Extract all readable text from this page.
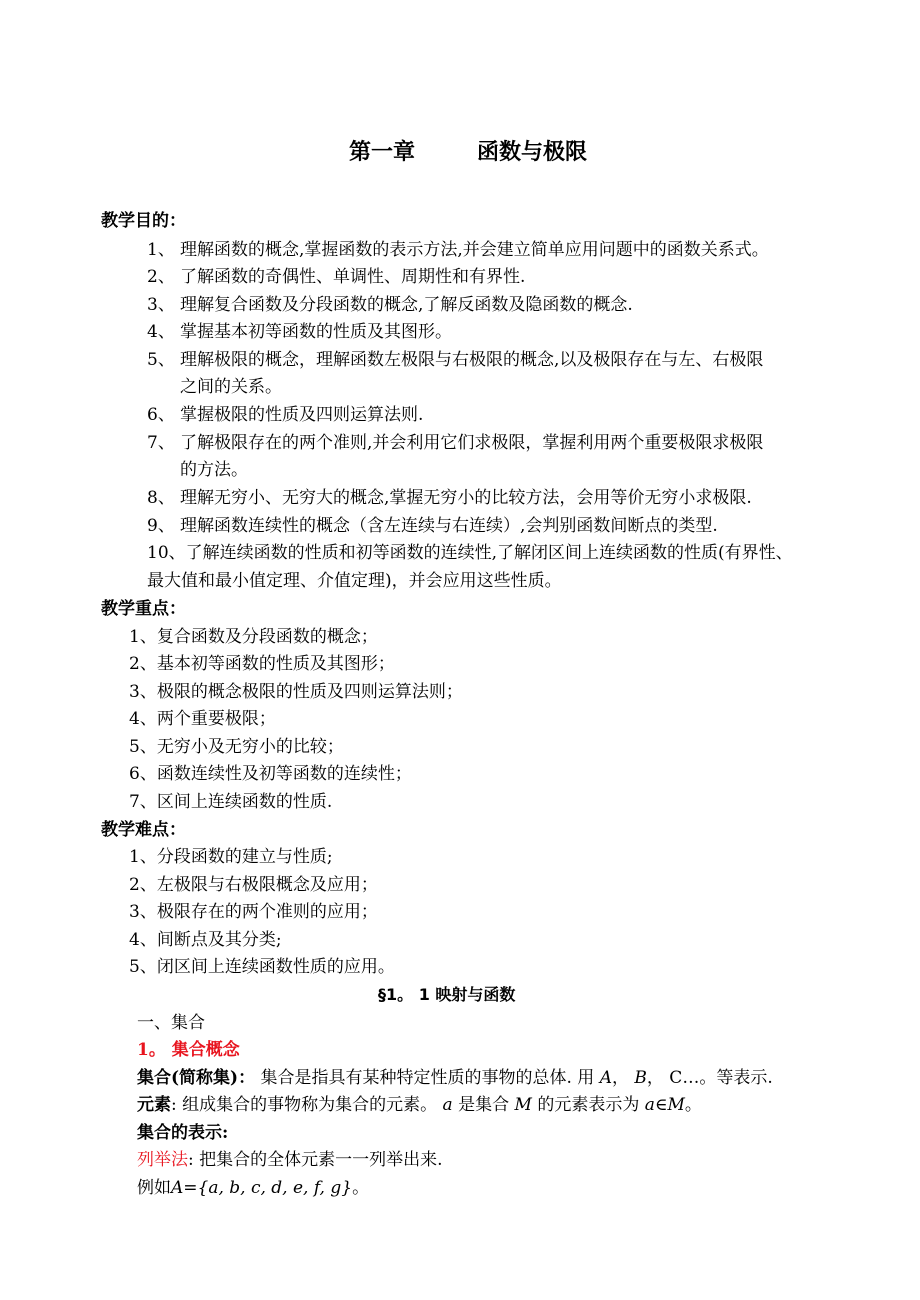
第一章	函数与极限
教学目的：
1、 理解函数的概念,掌握函数的表示方法,并会建立简单应用问题中的函数关系式。
2、 了解函数的奇偶性、单调性、周期性和有界性.
3、 理解复合函数及分段函数的概念,了解反函数及隐函数的概念.
4、 掌握基本初等函数的性质及其图形。
5、 理解极限的概念，理解函数左极限与右极限的概念,以及极限存在与左、右极限
之间的关系。
6、 掌握极限的性质及四则运算法则.
7、 了解极限存在的两个准则,并会利用它们求极限，掌握利用两个重要极限求极限
的方法。
8、 理解无穷小、无穷大的概念,掌握无穷小的比较方法，会用等价无穷小求极限.
9、 理解函数连续性的概念（含左连续与右连续）,会判别函数间断点的类型.
10、了解连续函数的性质和初等函数的连续性,了解闭区间上连续函数的性质(有界性、
最大值和最小值定理、介值定理)，并会应用这些性质。
教学重点：
1、复合函数及分段函数的概念；
2、基本初等函数的性质及其图形；
3、极限的概念极限的性质及四则运算法则；
4、两个重要极限；
5、无穷小及无穷小的比较；
6、函数连续性及初等函数的连续性；
7、区间上连续函数的性质.
教学难点：
1、分段函数的建立与性质;
2、左极限与右极限概念及应用；
3、极限存在的两个准则的应用；
4、间断点及其分类;
5、闭区间上连续函数性质的应用。
§1。 1 映射与函数
一、集合
1。 集合概念
集合(简称集)： 集合是指具有某种特定性质的事物的总体. 用 A， B， C…。等表示.
元素: 组成集合的事物称为集合的元素。 a 是集合 M 的元素表示为 a∈M。
集合的表示:
列举法: 把集合的全体元素一一列举出来.
例如A={a, b, c, d, e, f, g}。
